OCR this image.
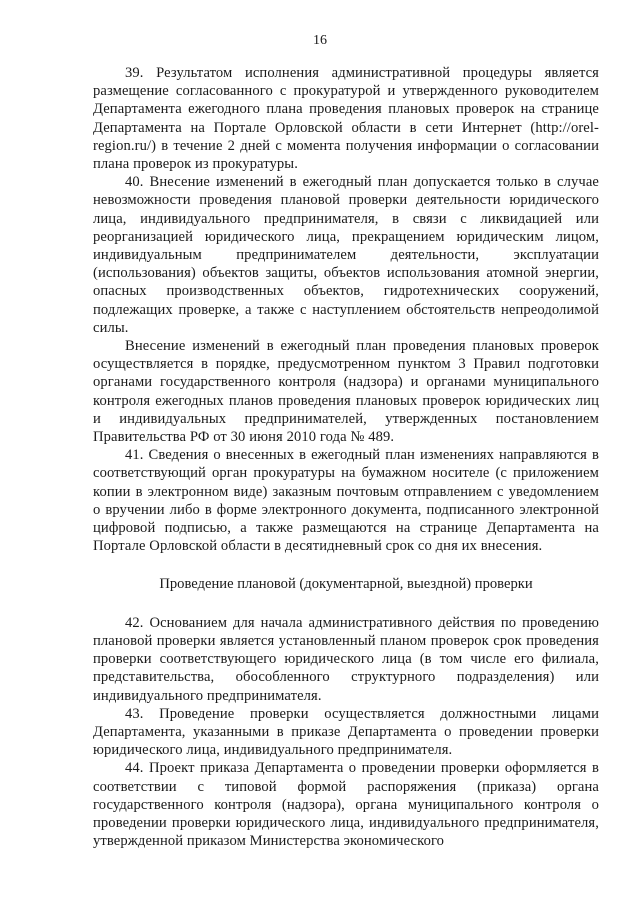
16

39. Результатом исполнения административной процедуры является размещение согласованного с прокуратурой и утвержденного руководителем Департамента ежегодного плана проведения плановых проверок на странице Департамента на Портале Орловской области в сети Интернет (http://orel-region.ru/) в течение 2 дней с момента получения информации о согласовании плана проверок из прокуратуры.

40. Внесение изменений в ежегодный план допускается только в случае невозможности проведения плановой проверки деятельности юридического лица, индивидуального предпринимателя, в связи с ликвидацией или реорганизацией юридического лица, прекращением юридическим лицом, индивидуальным предпринимателем деятельности, эксплуатации (использования) объектов защиты, объектов использования атомной энергии, опасных производственных объектов, гидротехнических сооружений, подлежащих проверке, а также с наступлением обстоятельств непреодолимой силы.

Внесение изменений в ежегодный план проведения плановых проверок осуществляется в порядке, предусмотренном пунктом 3 Правил подготовки органами государственного контроля (надзора) и органами муниципального контроля ежегодных планов проведения плановых проверок юридических лиц и индивидуальных предпринимателей, утвержденных постановлением Правительства РФ от 30 июня 2010 года № 489.

41. Сведения о внесенных в ежегодный план изменениях направляются в соответствующий орган прокуратуры на бумажном носителе (с приложением копии в электронном виде) заказным почтовым отправлением с уведомлением о вручении либо в форме электронного документа, подписанного электронной цифровой подписью, а также размещаются на странице Департамента на Портале Орловской области в десятидневный срок со дня их внесения.

Проведение плановой (документарной, выездной) проверки

42. Основанием для начала административного действия по проведению плановой проверки является установленный планом проверок срок проведения проверки соответствующего юридического лица (в том числе его филиала, представительства, обособленного структурного подразделения) или индивидуального предпринимателя.

43. Проведение проверки осуществляется должностными лицами Департамента, указанными в приказе Департамента о проведении проверки юридического лица, индивидуального предпринимателя.

44. Проект приказа Департамента о проведении проверки оформляется в соответствии с типовой формой распоряжения (приказа) органа государственного контроля (надзора), органа муниципального контроля о проведении проверки юридического лица, индивидуального предпринимателя, утвержденной приказом Министерства экономического
